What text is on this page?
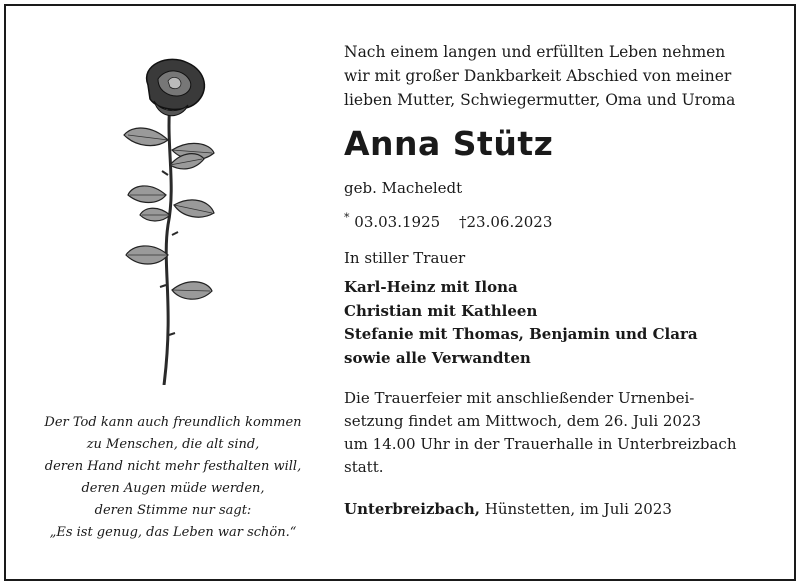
Der Tod kann auch freundlich kommen
zu Menschen, die alt sind,
deren Hand nicht mehr festhalten will,
deren Augen müde werden,
deren Stimme nur sagt:
„Es ist genug, das Leben war schön.“

Nach einem langen und erfüllten Leben nehmen
wir mit großer Dankbarkeit Abschied von meiner
lieben Mutter, Schwiegermutter, Oma und Uroma

Anna Stütz
geb. Macheledt
* 03.03.1925 †23.06.2023
In stiller Trauer
Karl-Heinz mit Ilona
Christian mit Kathleen
Stefanie mit Thomas, Benjamin und Clara
sowie alle Verwandten
Die Trauerfeier mit anschließender Urnenbei-
setzung findet am Mittwoch, dem 26. Juli 2023
um 14.00 Uhr in der Trauerhalle in Unterbreizbach
statt.
Unterbreizbach, Hünstetten, im Juli 2023
